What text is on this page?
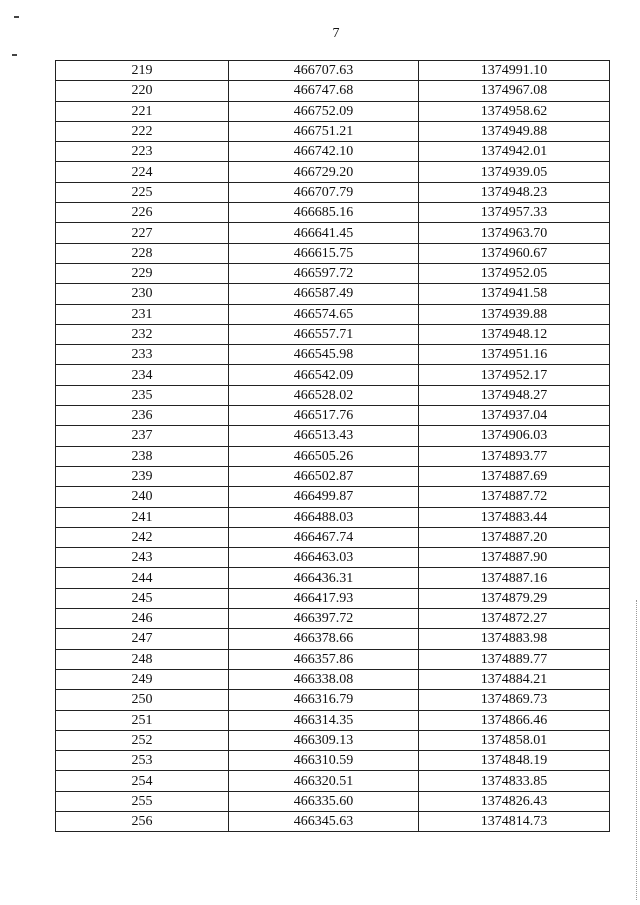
7
219	466707.63	1374991.10
220	466747.68	1374967.08
221	466752.09	1374958.62
222	466751.21	1374949.88
223	466742.10	1374942.01
224	466729.20	1374939.05
225	466707.79	1374948.23
226	466685.16	1374957.33
227	466641.45	1374963.70
228	466615.75	1374960.67
229	466597.72	1374952.05
230	466587.49	1374941.58
231	466574.65	1374939.88
232	466557.71	1374948.12
233	466545.98	1374951.16
234	466542.09	1374952.17
235	466528.02	1374948.27
236	466517.76	1374937.04
237	466513.43	1374906.03
238	466505.26	1374893.77
239	466502.87	1374887.69
240	466499.87	1374887.72
241	466488.03	1374883.44
242	466467.74	1374887.20
243	466463.03	1374887.90
244	466436.31	1374887.16
245	466417.93	1374879.29
246	466397.72	1374872.27
247	466378.66	1374883.98
248	466357.86	1374889.77
249	466338.08	1374884.21
250	466316.79	1374869.73
251	466314.35	1374866.46
252	466309.13	1374858.01
253	466310.59	1374848.19
254	466320.51	1374833.85
255	466335.60	1374826.43
256	466345.63	1374814.73
